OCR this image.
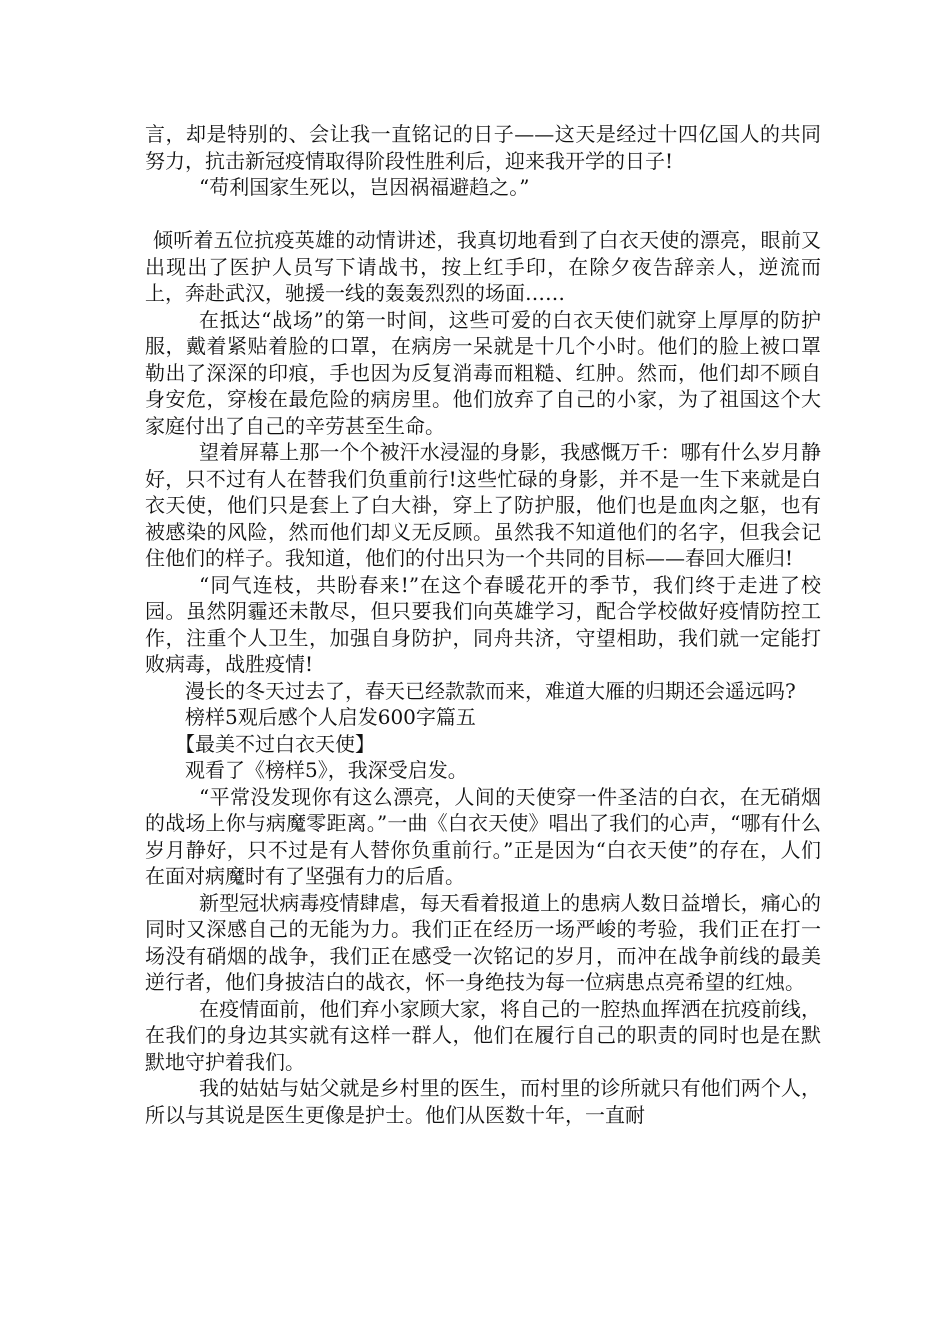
言，却是特别的、会让我一直铭记的日子——这天是经过十四亿国人的共同努力，抗击新冠疫情取得阶段性胜利后，迎来我开学的日子!

“苟利国家生死以，岂因祸福避趋之。”

倾听着五位抗疫英雄的动情讲述，我真切地看到了白衣天使的漂亮，眼前又出现出了医护人员写下请战书，按上红手印，在除夕夜告辞亲人，逆流而上，奔赴武汉，驰援一线的轰轰烈烈的场面……

在抵达“战场”的第一时间，这些可爱的白衣天使们就穿上厚厚的防护服，戴着紧贴着脸的口罩，在病房一呆就是十几个小时。他们的脸上被口罩勒出了深深的印痕，手也因为反复消毒而粗糙、红肿。然而，他们却不顾自身安危，穿梭在最危险的病房里。他们放弃了自己的小家，为了祖国这个大家庭付出了自己的辛劳甚至生命。

望着屏幕上那一个个被汗水浸湿的身影，我感慨万千：哪有什么岁月静好，只不过有人在替我们负重前行!这些忙碌的身影，并不是一生下来就是白衣天使，他们只是套上了白大褂，穿上了防护服，他们也是血肉之躯，也有被感染的风险，然而他们却义无反顾。虽然我不知道他们的名字，但我会记住他们的样子。我知道，他们的付出只为一个共同的目标——春回大雁归!

“同气连枝，共盼春来!”在这个春暖花开的季节，我们终于走进了校园。虽然阴霾还未散尽，但只要我们向英雄学习，配合学校做好疫情防控工作，注重个人卫生，加强自身防护，同舟共济，守望相助，我们就一定能打败病毒，战胜疫情!

　　漫长的冬天过去了，春天已经款款而来，难道大雁的归期还会遥远吗?

　　榜样5观后感个人启发600字篇五

　　【最美不过白衣天使】

　　观看了《榜样5》，我深受启发。

“平常没发现你有这么漂亮，人间的天使穿一件圣洁的白衣，在无硝烟的战场上你与病魔零距离。”一曲《白衣天使》唱出了我们的心声，“哪有什么岁月静好，只不过是有人替你负重前行。”正是因为“白衣天使”的存在，人们在面对病魔时有了坚强有力的后盾。

新型冠状病毒疫情肆虐，每天看着报道上的患病人数日益增长，痛心的同时又深感自己的无能为力。我们正在经历一场严峻的考验，我们正在打一场没有硝烟的战争，我们正在感受一次铭记的岁月，而冲在战争前线的最美逆行者，他们身披洁白的战衣，怀一身绝技为每一位病患点亮希望的红烛。

在疫情面前，他们弃小家顾大家，将自己的一腔热血挥洒在抗疫前线，在我们的身边其实就有这样一群人，他们在履行自己的职责的同时也是在默默地守护着我们。

我的姑姑与姑父就是乡村里的医生，而村里的诊所就只有他们两个人，所以与其说是医生更像是护士。他们从医数十年，一直耐
